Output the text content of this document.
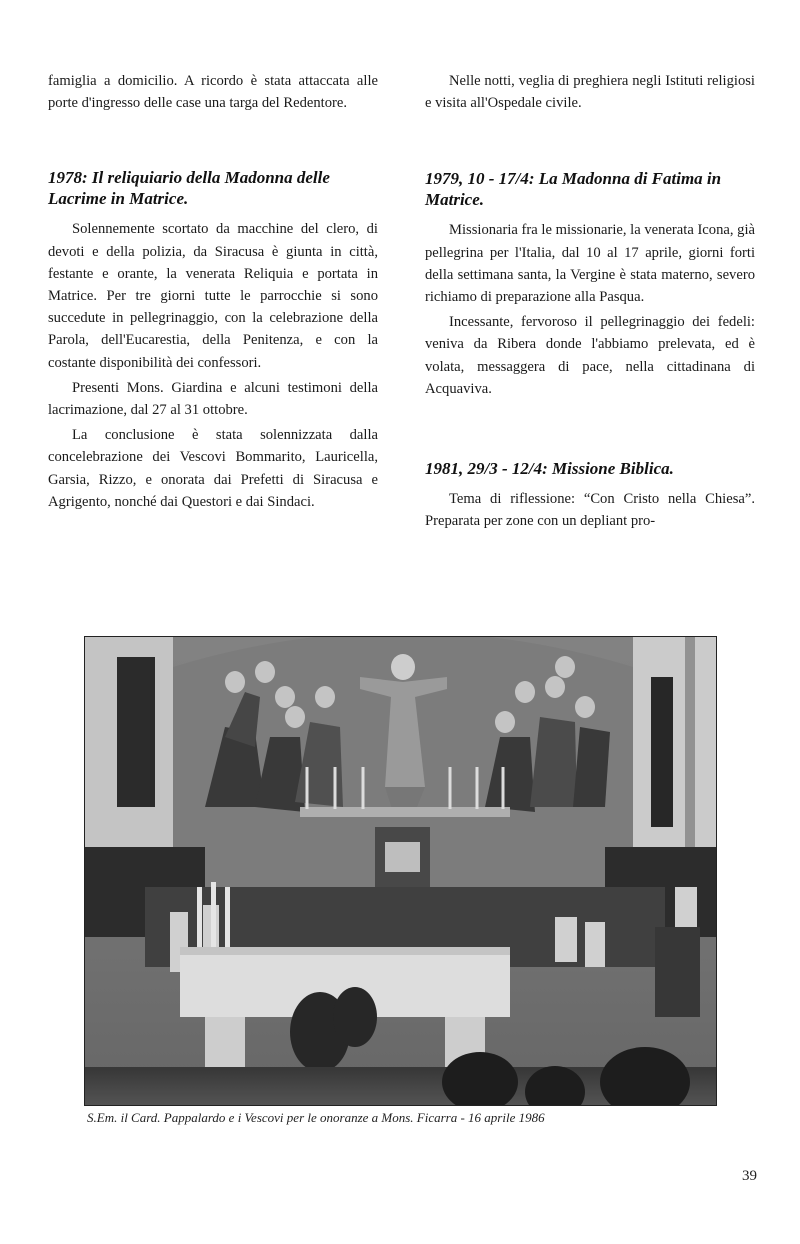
famiglia a domicilio. A ricordo è stata attaccata alle porte d'ingresso delle case una targa del Redentore.

1978: Il reliquiario della Madonna delle Lacrime in Matrice.

Solennemente scortato da macchine del clero, di devoti e della polizia, da Siracusa è giunta in città, festante e orante, la venerata Reliquia e portata in Matrice. Per tre giorni tutte le parrocchie si sono succedute in pellegrinaggio, con la celebrazione della Parola, dell'Eucarestia, della Penitenza, e con la costante disponibilità dei confessori.

Presenti Mons. Giardina e alcuni testimoni della lacrimazione, dal 27 al 31 ottobre.

La conclusione è stata solennizzata dalla concelebrazione dei Vescovi Bommarito, Lauricella, Garsia, Rizzo, e onorata dai Prefetti di Siracusa e Agrigento, nonché dai Questori e dai Sindaci.

Nelle notti, veglia di preghiera negli Istituti religiosi e visita all'Ospedale civile.

1979, 10 - 17/4: La Madonna di Fatima in Matrice.

Missionaria fra le missionarie, la venerata Icona, già pellegrina per l'Italia, dal 10 al 17 aprile, giorni forti della settimana santa, la Vergine è stata materno, severo richiamo di preparazione alla Pasqua.

Incessante, fervoroso il pellegrinaggio dei fedeli: veniva da Ribera donde l'abbiamo prelevata, ed è volata, messaggera di pace, nella cittadinana di Acquaviva.

1981, 29/3 - 12/4: Missione Biblica.

Tema di riflessione: “Con Cristo nella Chiesa”. Preparata per zone con un depliant pro-

S.Em. il Card. Pappalardo e i Vescovi per le onoranze a Mons. Ficarra - 16 aprile 1986
39
